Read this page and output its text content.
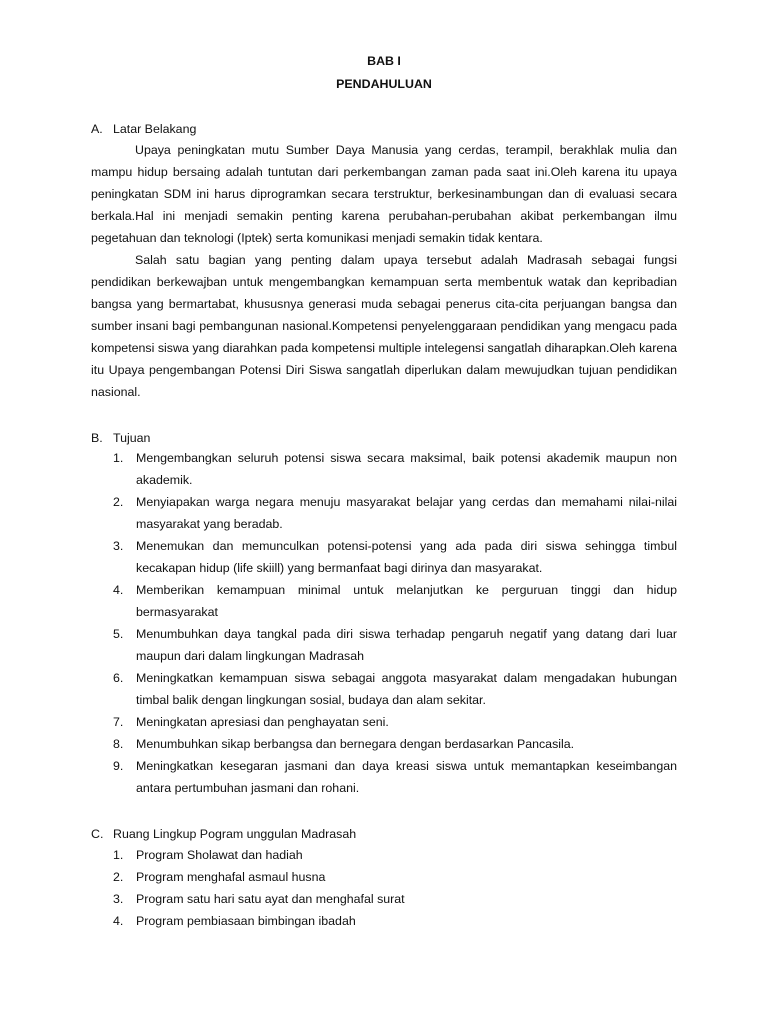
BAB I
PENDAHULUAN
A. Latar Belakang

Upaya peningkatan mutu Sumber Daya Manusia yang cerdas, terampil, berakhlak mulia dan mampu hidup bersaing adalah tuntutan dari perkembangan zaman pada saat ini.Oleh karena itu upaya peningkatan SDM ini harus diprogramkan secara terstruktur, berkesinambungan dan di evaluasi secara berkala.Hal ini menjadi semakin penting karena perubahan-perubahan akibat perkembangan ilmu pegetahuan dan teknologi (Iptek) serta komunikasi menjadi semakin tidak kentara.

Salah satu bagian yang penting dalam upaya tersebut adalah Madrasah sebagai fungsi pendidikan berkewajban untuk mengembangkan kemampuan serta membentuk watak dan kepribadian bangsa yang bermartabat, khususnya generasi muda sebagai penerus cita-cita perjuangan bangsa dan sumber insani bagi pembangunan nasional.Kompetensi penyelenggaraan pendidikan yang mengacu pada kompetensi siswa yang diarahkan pada kompetensi multiple intelegensi sangatlah diharapkan.Oleh karena itu Upaya pengembangan Potensi Diri Siswa sangatlah diperlukan dalam mewujudkan tujuan pendidikan nasional.

B. Tujuan
1. Mengembangkan seluruh potensi siswa secara maksimal, baik potensi akademik maupun non akademik.
2. Menyiapakan warga negara menuju masyarakat belajar yang cerdas dan memahami nilai-nilai masyarakat yang beradab.
3. Menemukan dan memunculkan potensi-potensi yang ada pada diri siswa sehingga timbul kecakapan hidup (life skiill) yang bermanfaat bagi dirinya dan masyarakat.
4. Memberikan kemampuan minimal untuk melanjutkan ke perguruan tinggi dan hidup bermasyarakat
5. Menumbuhkan daya tangkal pada diri siswa terhadap pengaruh negatif yang datang dari luar maupun dari dalam lingkungan Madrasah
6. Meningkatkan kemampuan siswa sebagai anggota masyarakat dalam mengadakan hubungan timbal balik dengan lingkungan sosial, budaya dan alam sekitar.
7. Meningkatan apresiasi dan penghayatan seni.
8. Menumbuhkan sikap berbangsa dan bernegara dengan berdasarkan Pancasila.
9. Meningkatkan kesegaran jasmani dan daya kreasi siswa untuk memantapkan keseimbangan antara pertumbuhan jasmani dan rohani.
C. Ruang Lingkup Pogram unggulan Madrasah
1. Program Sholawat dan hadiah
2. Program menghafal asmaul husna
3. Program satu hari satu ayat dan menghafal surat
4. Program pembiasaan bimbingan ibadah
